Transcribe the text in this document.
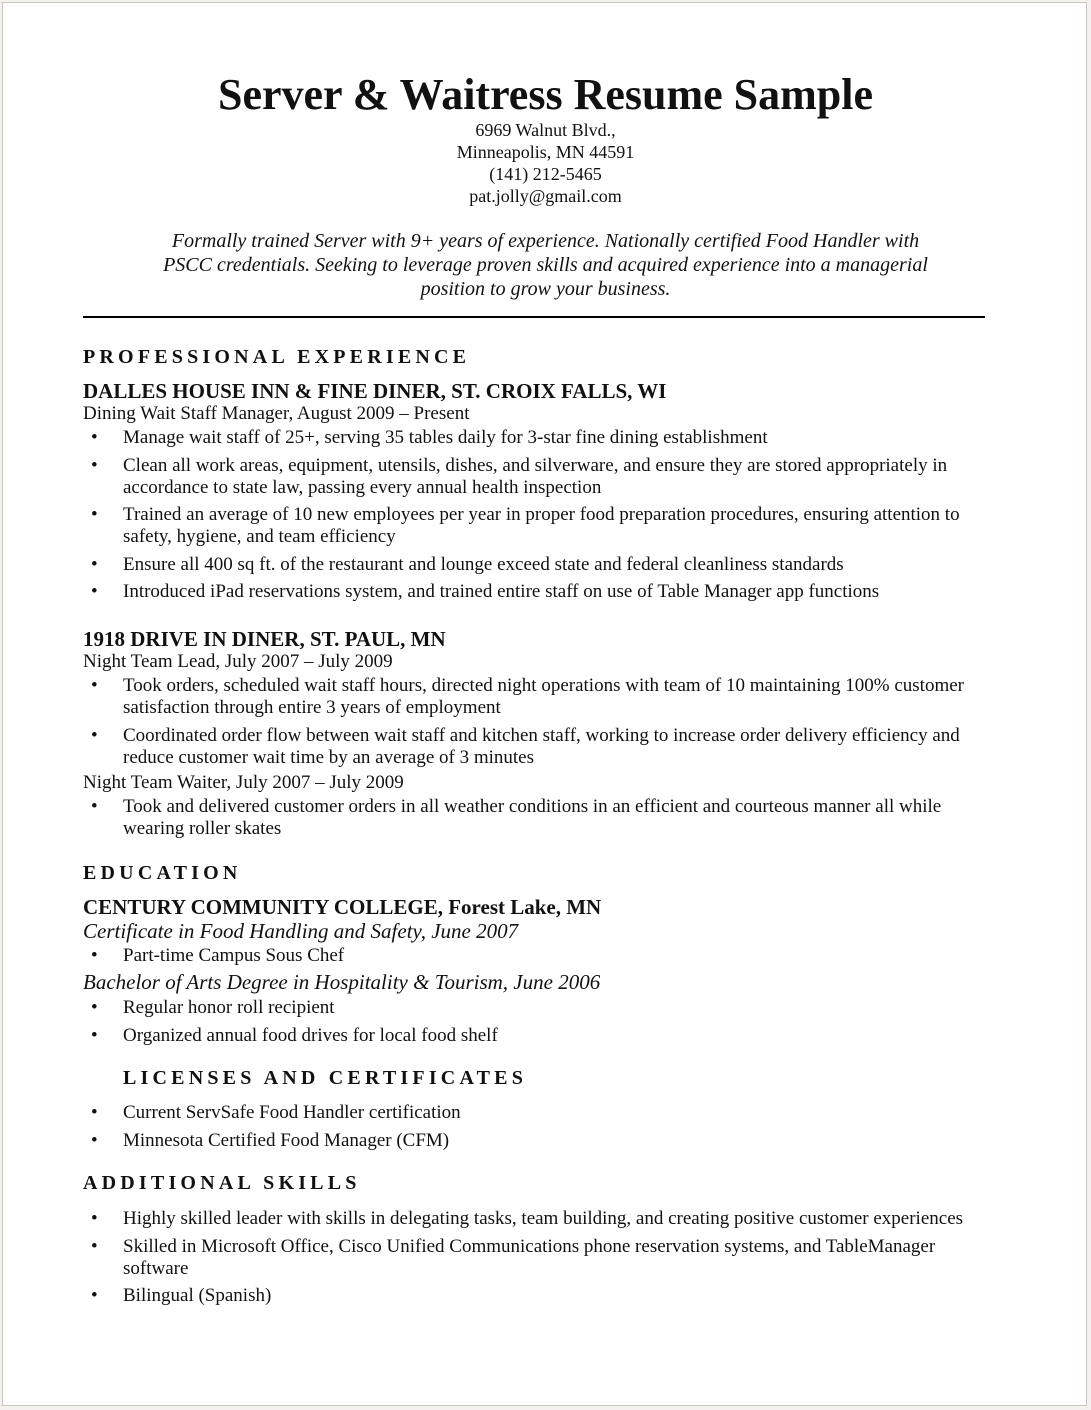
Server & Waitress Resume Sample
6969 Walnut Blvd.,
Minneapolis, MN 44591
(141) 212-5465
pat.jolly@gmail.com

Formally trained Server with 9+ years of experience. Nationally certified Food Handler with
PSCC credentials. Seeking to leverage proven skills and acquired experience into a managerial
position to grow your business.

PROFESSIONAL EXPERIENCE
DALLES HOUSE INN & FINE DINER, ST. CROIX FALLS, WI
Dining Wait Staff Manager, August 2009 – Present
• Manage wait staff of 25+, serving 35 tables daily for 3-star fine dining establishment
• Clean all work areas, equipment, utensils, dishes, and silverware, and ensure they are stored appropriately in accordance to state law, passing every annual health inspection
• Trained an average of 10 new employees per year in proper food preparation procedures, ensuring attention to safety, hygiene, and team efficiency
• Ensure all 400 sq ft. of the restaurant and lounge exceed state and federal cleanliness standards
• Introduced iPad reservations system, and trained entire staff on use of Table Manager app functions
1918 DRIVE IN DINER, ST. PAUL, MN
Night Team Lead, July 2007 – July 2009
• Took orders, scheduled wait staff hours, directed night operations with team of 10 maintaining 100% customer satisfaction through entire 3 years of employment
• Coordinated order flow between wait staff and kitchen staff, working to increase order delivery efficiency and reduce customer wait time by an average of 3 minutes
Night Team Waiter, July 2007 – July 2009
• Took and delivered customer orders in all weather conditions in an efficient and courteous manner all while wearing roller skates
EDUCATION
CENTURY COMMUNITY COLLEGE, Forest Lake, MN
Certificate in Food Handling and Safety, June 2007
• Part-time Campus Sous Chef
Bachelor of Arts Degree in Hospitality & Tourism, June 2006
• Regular honor roll recipient
• Organized annual food drives for local food shelf
LICENSES AND CERTIFICATES
• Current ServSafe Food Handler certification
• Minnesota Certified Food Manager (CFM)
ADDITIONAL SKILLS
• Highly skilled leader with skills in delegating tasks, team building, and creating positive customer experiences
• Skilled in Microsoft Office, Cisco Unified Communications phone reservation systems, and TableManager software
• Bilingual (Spanish)
